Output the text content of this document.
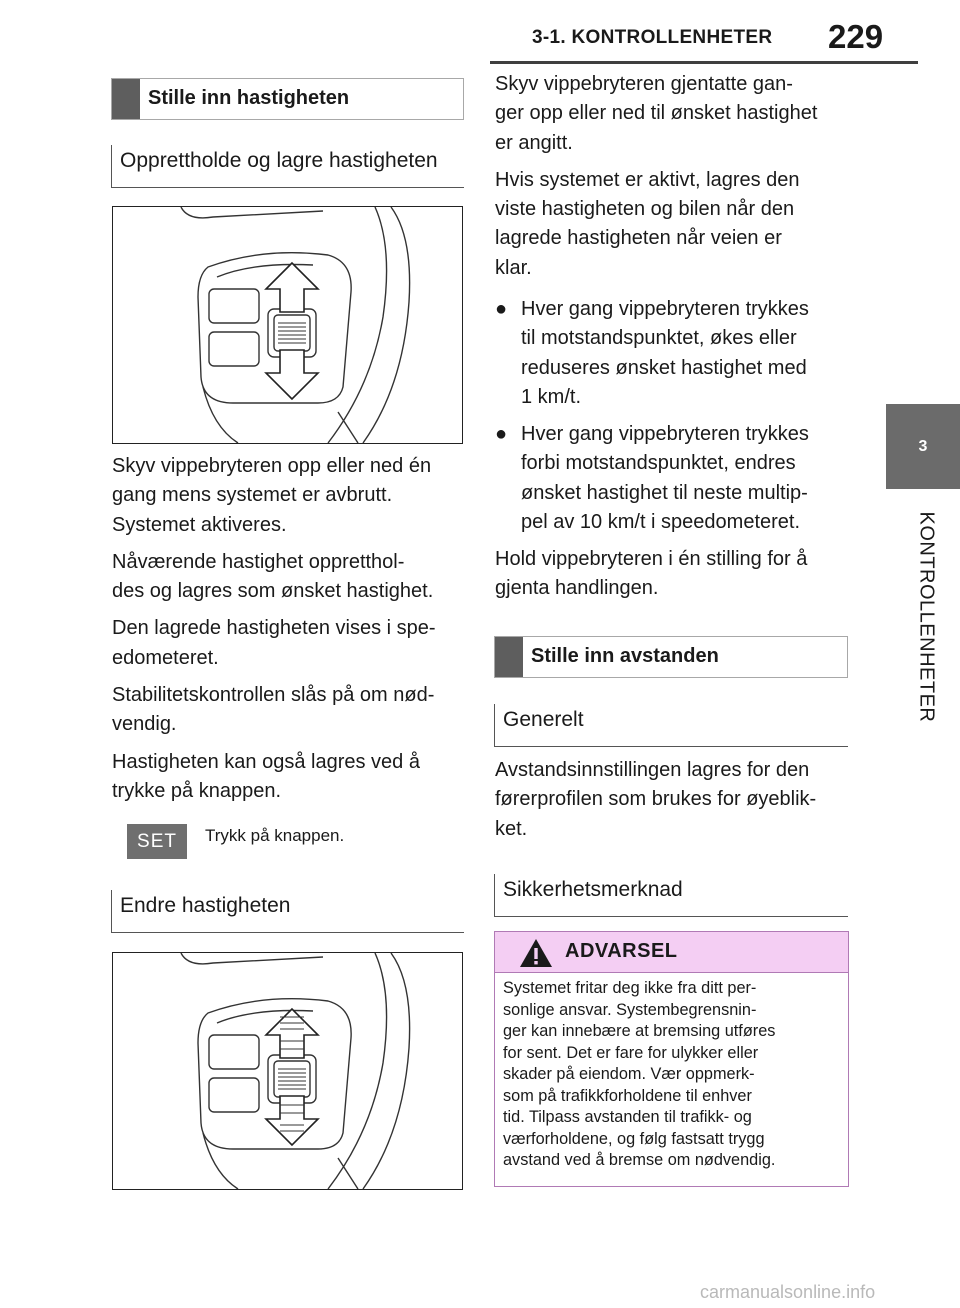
3-1. KONTROLLENHETER 229
3
KONTROLLENHETER
Stille inn hastigheten
Opprettholde og lagre hastigheten
Skyv vippebryteren opp eller ned én
gang mens systemet er avbrutt.
Systemet aktiveres.
Nåværende hastighet oppretthol-
des og lagres som ønsket hastighet.
Den lagrede hastigheten vises i spe-
edometeret.
Stabilitetskontrollen slås på om nød-
vendig.
Hastigheten kan også lagres ved å
trykke på knappen.
SET	Trykk på knappen.
Endre hastigheten
Skyv vippebryteren gjentatte gan-
ger opp eller ned til ønsket hastighet
er angitt.
Hvis systemet er aktivt, lagres den
viste hastigheten og bilen når den
lagrede hastigheten når veien er
klar.
● Hver gang vippebryteren trykkes
til motstandspunktet, økes eller
reduseres ønsket hastighet med
1 km/t.
● Hver gang vippebryteren trykkes
forbi motstandspunktet, endres
ønsket hastighet til neste multip-
pel av 10 km/t i speedometeret.
Hold vippebryteren i én stilling for å
gjenta handlingen.
Stille inn avstanden
Generelt
Avstandsinnstillingen lagres for den
førerprofilen som brukes for øyeblik-
ket.
Sikkerhetsmerknad
ADVARSEL
Systemet fritar deg ikke fra ditt per-
sonlige ansvar. Systembegrensnin-
ger kan innebære at bremsing utføres
for sent. Det er fare for ulykker eller
skader på eiendom. Vær oppmerk-
som på trafikkforholdene til enhver
tid. Tilpass avstanden til trafikk- og
værforholdene, og følg fastsatt trygg
avstand ved å bremse om nødvendig.
carmanualsonline.info
